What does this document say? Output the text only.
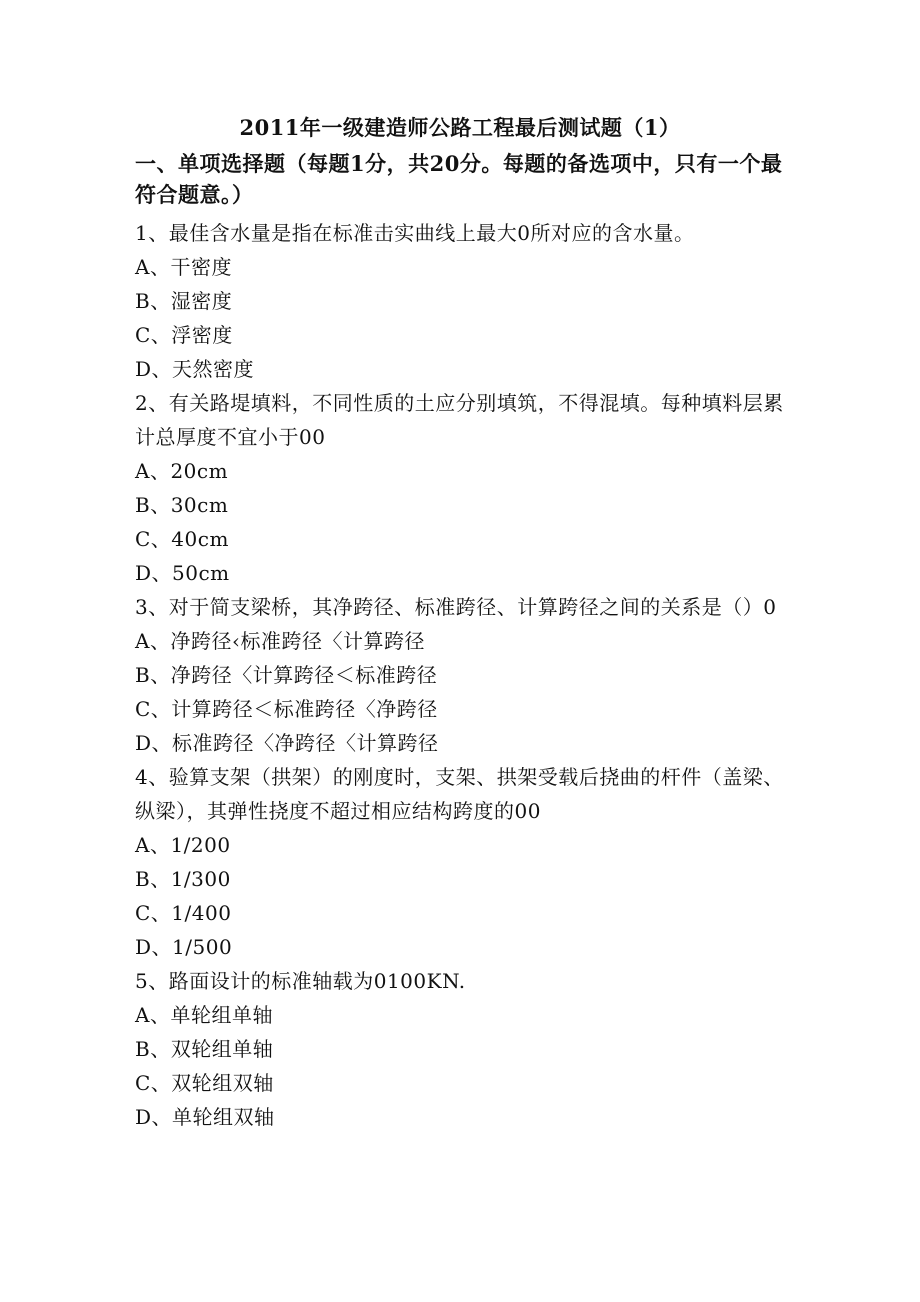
2011年一级建造师公路工程最后测试题（1）
一、单项选择题（每题1分，共20分。每题的备选项中，只有一个最符合题意。）
1、最佳含水量是指在标准击实曲线上最大0所对应的含水量。
A、干密度
B、湿密度
C、浮密度
D、天然密度
2、有关路堤填料，不同性质的土应分别填筑，不得混填。每种填料层累计总厚度不宜小于00
A、20cm
B、30cm
C、40cm
D、50cm
3、对于简支梁桥，其净跨径、标准跨径、计算跨径之间的关系是（）0
A、净跨径‹标准跨径〈计算跨径
B、净跨径〈计算跨径＜标准跨径
C、计算跨径＜标准跨径〈净跨径
D、标准跨径〈净跨径〈计算跨径
4、验算支架（拱架）的刚度时，支架、拱架受载后挠曲的杆件（盖梁、纵梁），其弹性挠度不超过相应结构跨度的00
A、1/200
B、1/300
C、1/400
D、1/500
5、路面设计的标准轴载为0100KN.
A、单轮组单轴
B、双轮组单轴
C、双轮组双轴
D、单轮组双轴
